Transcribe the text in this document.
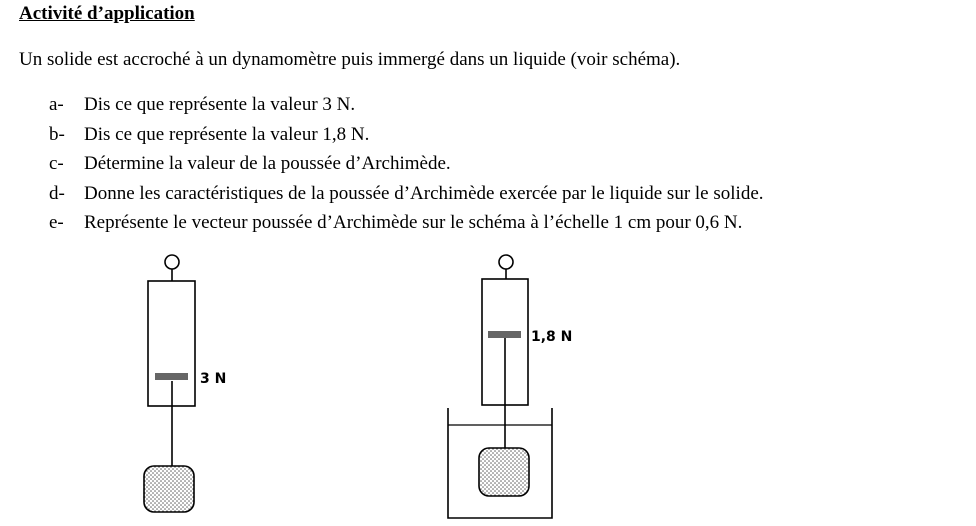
Activité d’application

Un solide est accroché à un dynamomètre puis immergé dans un liquide (voir schéma).

a- Dis ce que représente la valeur 3 N.
b- Dis ce que représente la valeur 1,8 N.
c- Détermine la valeur de la poussée d’Archimède.
d- Donne les caractéristiques de la poussée d’Archimède exercée par le liquide sur le solide.
e- Représente le vecteur poussée d’Archimède sur le schéma à l’échelle 1 cm pour 0,6 N.
3 N
1,8 N
